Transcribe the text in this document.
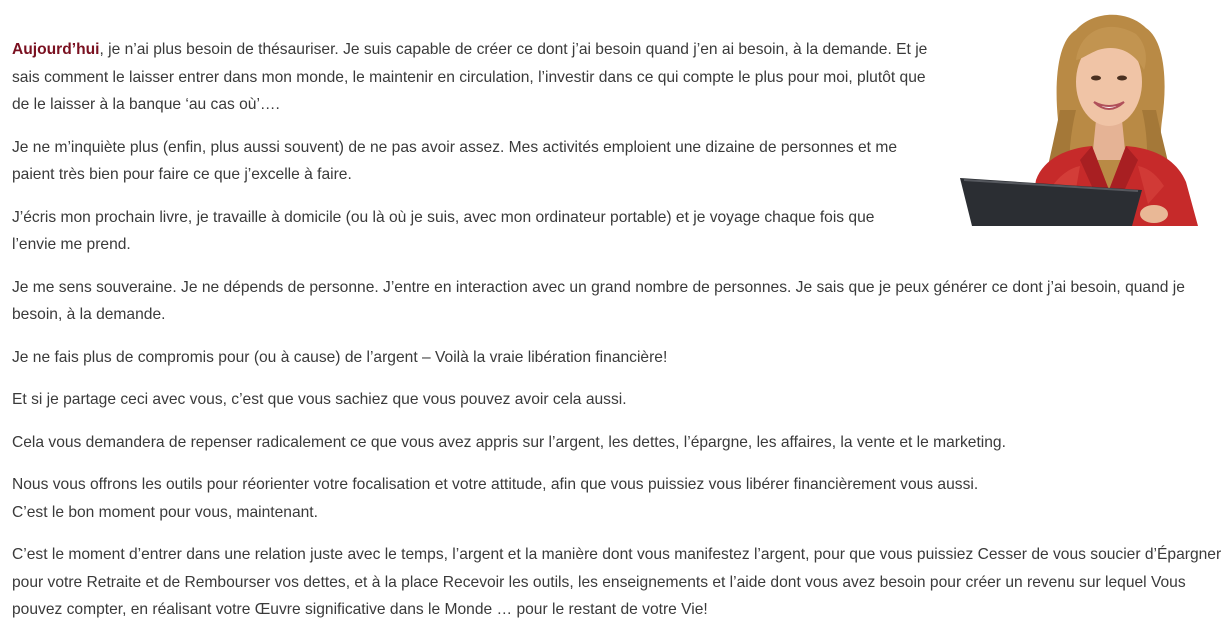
Aujourd’hui, je n’ai plus besoin de thésauriser. Je suis capable de créer ce dont j’ai besoin quand j’en ai besoin, à la demande. Et je sais comment le laisser entrer dans mon monde, le maintenir en circulation, l’investir dans ce qui compte le plus pour moi, plutôt que de le laisser à la banque ‘au cas où’….

Je ne m’inquiète plus (enfin, plus aussi souvent) de ne pas avoir assez. Mes activités emploient une dizaine de personnes et me paient très bien pour faire ce que j’excelle à faire.

J’écris mon prochain livre, je travaille à domicile (ou là où je suis, avec mon ordinateur portable) et je voyage chaque fois que l’envie me prend.

Je me sens souveraine. Je ne dépends de personne. J’entre en interaction avec un grand nombre de personnes. Je sais que je peux générer ce dont j’ai besoin, quand je besoin, à la demande.

Je ne fais plus de compromis pour (ou à cause) de l’argent – Voilà la vraie libération financière!

Et si je partage ceci avec vous, c’est que vous sachiez que vous pouvez avoir cela aussi.

Cela vous demandera de repenser radicalement ce que vous avez appris sur l’argent, les dettes, l’épargne, les affaires, la vente et le marketing.

Nous vous offrons les outils pour réorienter votre focalisation et votre attitude, afin que vous puissiez vous libérer financièrement vous aussi.
C’est le bon moment pour vous, maintenant.

C’est le moment d’entrer dans une relation juste avec le temps, l’argent et la manière dont vous manifestez l’argent, pour que vous puissiez Cesser de vous soucier d’Épargner pour votre Retraite et de Rembourser vos dettes, et à la place Recevoir les outils, les enseignements et l’aide dont vous avez besoin pour créer un revenu sur lequel Vous pouvez compter, en réalisant votre Œuvre significative dans le Monde … pour le restant de votre Vie!
